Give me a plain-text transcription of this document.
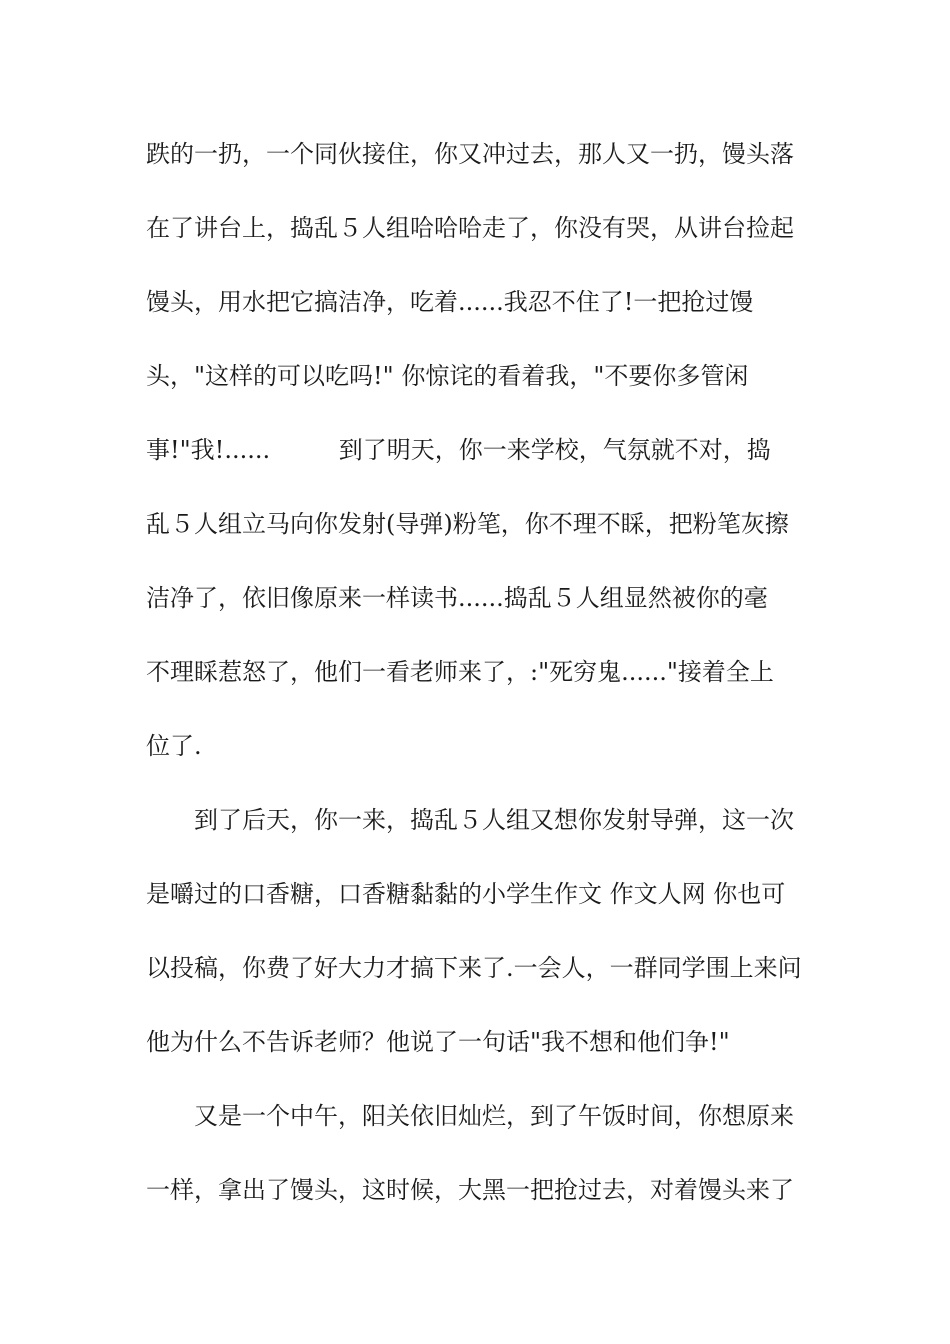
跌的一扔，一个同伙接住，你又冲过去，那人又一扔，馒头落
在了讲台上，捣乱５人组哈哈哈走了，你没有哭，从讲台捡起
馒头，用水把它搞洁净，吃着......我忍不住了!一把抢过馒
头，"这样的可以吃吗!" 你惊诧的看着我，"不要你多管闲
事!"我!......         到了明天，你一来学校，气氛就不对，捣
乱５人组立马向你发射(导弹)粉笔，你不理不睬，把粉笔灰擦
洁净了，依旧像原来一样读书......捣乱５人组显然被你的毫
不理睬惹怒了，他们一看老师来了，:"死穷鬼......"接着全上
位了.
到了后天，你一来，捣乱５人组又想你发射导弹，这一次
是嚼过的口香糖，口香糖黏黏的小学生作文 作文人网 你也可
以投稿，你费了好大力才搞下来了.一会人，一群同学围上来问
他为什么不告诉老师？他说了一句话"我不想和他们争!"
又是一个中午，阳关依旧灿烂，到了午饭时间，你想原来
一样，拿出了馒头，这时候，大黑一把抢过去，对着馒头来了
